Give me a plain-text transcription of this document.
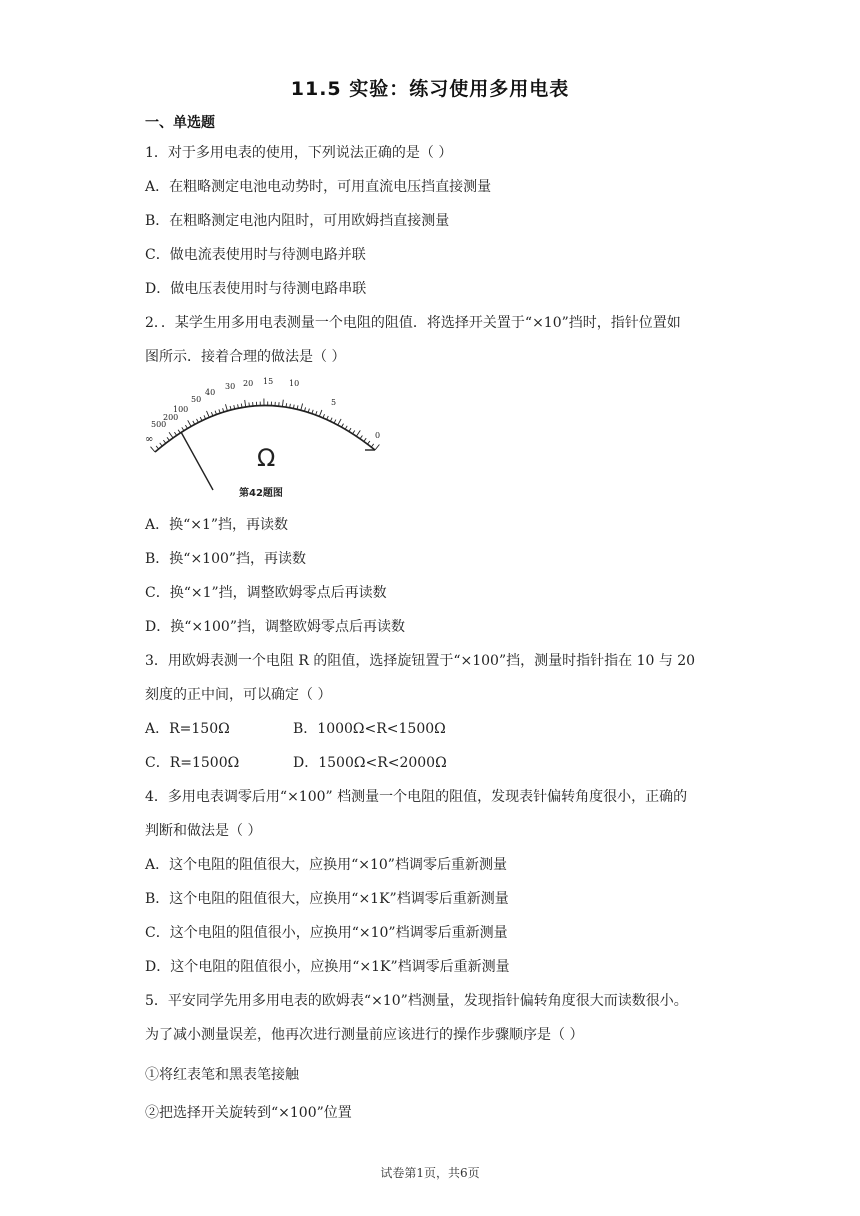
11.5 实验：练习使用多用电表
一、单选题
1．对于多用电表的使用，下列说法正确的是（ ）
A．在粗略测定电池电动势时，可用直流电压挡直接测量
B．在粗略测定电池内阻时，可用欧姆挡直接测量
C．做电流表使用时与待测电路并联
D．做电压表使用时与待测电路串联
2．．某学生用多用电表测量一个电阻的阻值．将选择开关置于“×10”挡时，指针位置如
图所示．接着合理的做法是（ ）
500
200
100
50
40
30 20 15 10
5
0
∞
Ω
第42题图
A．换“×1”挡，再读数
B．换“×100”挡，再读数
C．换“×1”挡，调整欧姆零点后再读数
D．换“×100”挡，调整欧姆零点后再读数
3．用欧姆表测一个电阻 R 的阻值，选择旋钮置于“×100”挡，测量时指针指在 10 与 20
刻度的正中间，可以确定（ ）
A．R=150Ω	B．1000Ω<R<1500Ω
C．R=1500Ω	D．1500Ω<R<2000Ω
4．多用电表调零后用“×100” 档测量一个电阻的阻值，发现表针偏转角度很小，正确的
判断和做法是（ ）
A．这个电阻的阻值很大，应换用“×10”档调零后重新测量
B．这个电阻的阻值很大，应换用“×1K”档调零后重新测量
C．这个电阻的阻值很小，应换用“×10”档调零后重新测量
D．这个电阻的阻值很小，应换用“×1K”档调零后重新测量
5．平安同学先用多用电表的欧姆表“×10”档测量，发现指针偏转角度很大而读数很小。
为了减小测量误差，他再次进行测量前应该进行的操作步骤顺序是（ ）
①将红表笔和黑表笔接触
②把选择开关旋转到“×100”位置
试卷第1页，共6页
